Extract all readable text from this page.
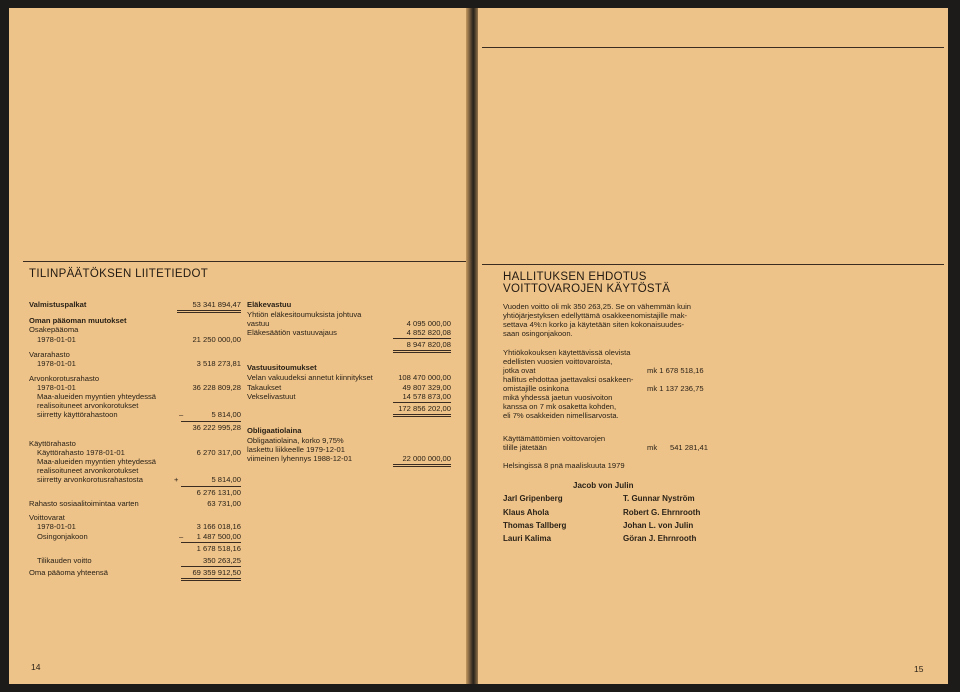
TILINPÄÄTÖKSEN LIITETIEDOT
Valmistuspalkat	53 341 894,47
Oman pääoman muutokset
Osakepääoma
1978-01-01	21 250 000,00
Vararahasto
1978-01-01	3 518 273,81
Arvonkorotusrahasto
1978-01-01	36 228 809,28
Maa-alueiden myyntien yhteydessä
realisoituneet arvonkorotukset
siirretty käyttörahastoon	–	5 814,00
36 222 995,28
Käyttörahasto
Käyttörahasto 1978-01-01	6 270 317,00
Maa-alueiden myyntien yhteydessä
realisoituneet arvonkorotukset
siirretty arvonkorotusrahastosta	+	5 814,00
6 276 131,00
Rahasto sosiaalitoimintaa varten	63 731,00
Voittovarat
1978-01-01	3 166 018,16
Osingonjakoon	–	1 487 500,00
1 678 518,16
Tilikauden voitto	350 263,25
Oma pääoma yhteensä	69 359 912,50
Eläkevastuu
Yhtiön eläkesitoumuksista johtuva
vastuu	4 095 000,00
Eläkesäätiön vastuuvajaus	4 852 820,08
8 947 820,08
Vastuusitoumukset
Velan vakuudeksi annetut kiinnitykset	108 470 000,00
Takaukset	49 807 329,00
Vekselivastuut	14 578 873,00
172 856 202,00
Obligaatiolaina
Obligaatiolaina, korko 9,75%
laskettu liikkeelle 1979-12-01
viimeinen lyhennys 1988-12-01	22 000 000,00
14
HALLITUKSEN EHDOTUS
VOITTOVAROJEN KÄYTÖSTÄ
Vuoden voitto oli mk 350 263,25. Se on vähemmän kuin
yhtiöjärjestyksen edellyttämä osakkeenomistajille mak-
settava 4%:n korko ja käytetään siten kokonaisuudes-
saan osingonjakoon.
Yhtiökokouksen käytettävissä olevista
edellisten vuosien voittovaroista,
jotka ovat	mk 1 678 518,16
hallitus ehdottaa jaettavaksi osakkeen-
omistajille osinkona	mk 1 137 236,75
mikä yhdessä jaetun vuosivoiton
kanssa on 7 mk osaketta kohden,
eli 7% osakkeiden nimellisarvosta.
Käyttämättömien voittovarojen
tilille jätetään	mk	541 281,41
Helsingissä 8 pnä maaliskuuta 1979
Jacob von Julin
Jarl Gripenberg	T. Gunnar Nyström
Klaus Ahola	Robert G. Ehrnrooth
Thomas Tallberg	Johan L. von Julin
Lauri Kalima	Göran J. Ehrnrooth
15
